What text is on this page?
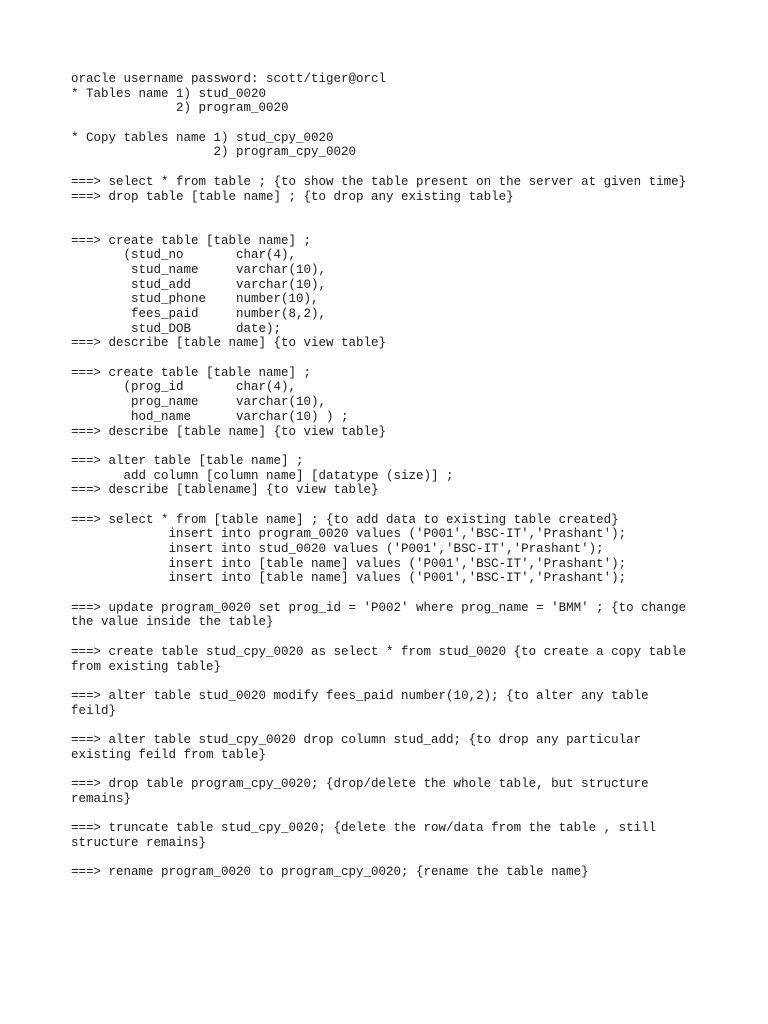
oracle username password: scott/tiger@orcl
* Tables name 1) stud_0020
2) program_0020
* Copy tables name 1) stud_cpy_0020
2) program_cpy_0020
===> select * from table ; {to show the table present on the server at given time}
===> drop table [table name] ; {to drop any existing table}
===> create table [table name] ;
(stud_no       char(4),
stud_name     varchar(10),
stud_add      varchar(10),
stud_phone    number(10),
fees_paid     number(8,2),
stud_DOB      date);
===> describe [table name] {to view table}
===> create table [table name] ;
(prog_id       char(4),
prog_name     varchar(10),
hod_name      varchar(10) ) ;
===> describe [table name] {to view table}
===> alter table [table name] ;
add column [column name] [datatype (size)] ;
===> describe [tablename] {to view table}
===> select * from [table name] ; {to add data to existing table created}
insert into program_0020 values ('P001','BSC-IT','Prashant');
insert into stud_0020 values ('P001','BSC-IT','Prashant');
insert into [table name] values ('P001','BSC-IT','Prashant');
insert into [table name] values ('P001','BSC-IT','Prashant');
===> update program_0020 set prog_id = 'P002' where prog_name = 'BMM' ; {to change
the value inside the table}
===> create table stud_cpy_0020 as select * from stud_0020 {to create a copy table
from existing table}
===> alter table stud_0020 modify fees_paid number(10,2); {to alter any table
feild}
===> alter table stud_cpy_0020 drop column stud_add; {to drop any particular
existing feild from table}
===> drop table program_cpy_0020; {drop/delete the whole table, but structure
remains}
===> truncate table stud_cpy_0020; {delete the row/data from the table , still
structure remains}
===> rename program_0020 to program_cpy_0020; {rename the table name}
